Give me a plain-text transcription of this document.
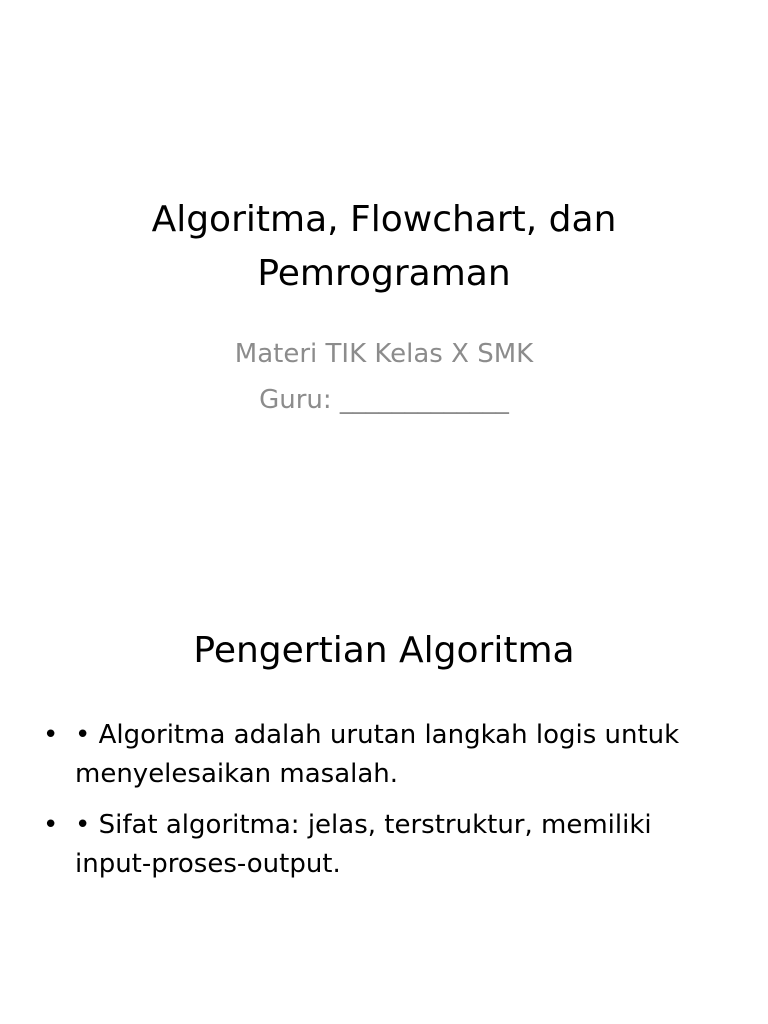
Algoritma, Flowchart, dan
Pemrograman
Materi TIK Kelas X SMK
Guru: _____________
Pengertian Algoritma
• • Algoritma adalah urutan langkah logis untuk menyelesaikan masalah.
• • Sifat algoritma: jelas, terstruktur, memiliki input-proses-output.
